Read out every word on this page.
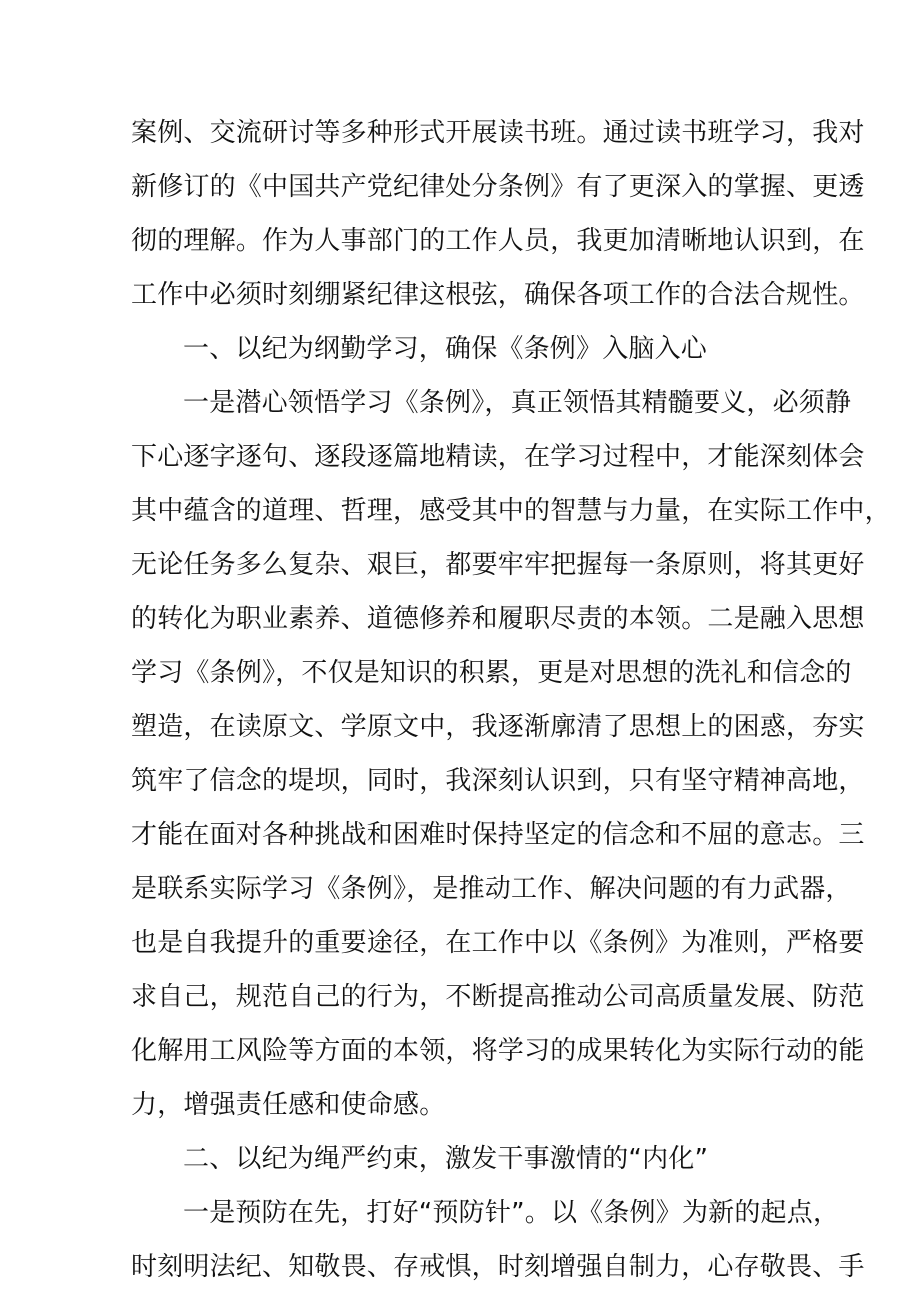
案例、交流研讨等多种形式开展读书班。通过读书班学习，我对
新修订的《中国共产党纪律处分条例》有了更深入的掌握、更透
彻的理解。作为人事部门的工作人员，我更加清晰地认识到，在
工作中必须时刻绷紧纪律这根弦，确保各项工作的合法合规性。
一、以纪为纲勤学习，确保《条例》入脑入心
一是潜心领悟学习《条例》，真正领悟其精髓要义，必须静
下心逐字逐句、逐段逐篇地精读，在学习过程中，才能深刻体会
其中蕴含的道理、哲理，感受其中的智慧与力量，在实际工作中，
无论任务多么复杂、艰巨，都要牢牢把握每一条原则，将其更好
的转化为职业素养、道德修养和履职尽责的本领。二是融入思想
学习《条例》，不仅是知识的积累，更是对思想的洗礼和信念的
塑造，在读原文、学原文中，我逐渐廓清了思想上的困惑，夯实
筑牢了信念的堤坝，同时，我深刻认识到，只有坚守精神高地，
才能在面对各种挑战和困难时保持坚定的信念和不屈的意志。三
是联系实际学习《条例》，是推动工作、解决问题的有力武器，
也是自我提升的重要途径，在工作中以《条例》为准则，严格要
求自己，规范自己的行为，不断提高推动公司高质量发展、防范
化解用工风险等方面的本领，将学习的成果转化为实际行动的能
力，增强责任感和使命感。
二、以纪为绳严约束，激发干事激情的“内化”
一是预防在先，打好“预防针”。以《条例》为新的起点，
时刻明法纪、知敬畏、存戒惧，时刻增强自制力，心存敬畏、手
